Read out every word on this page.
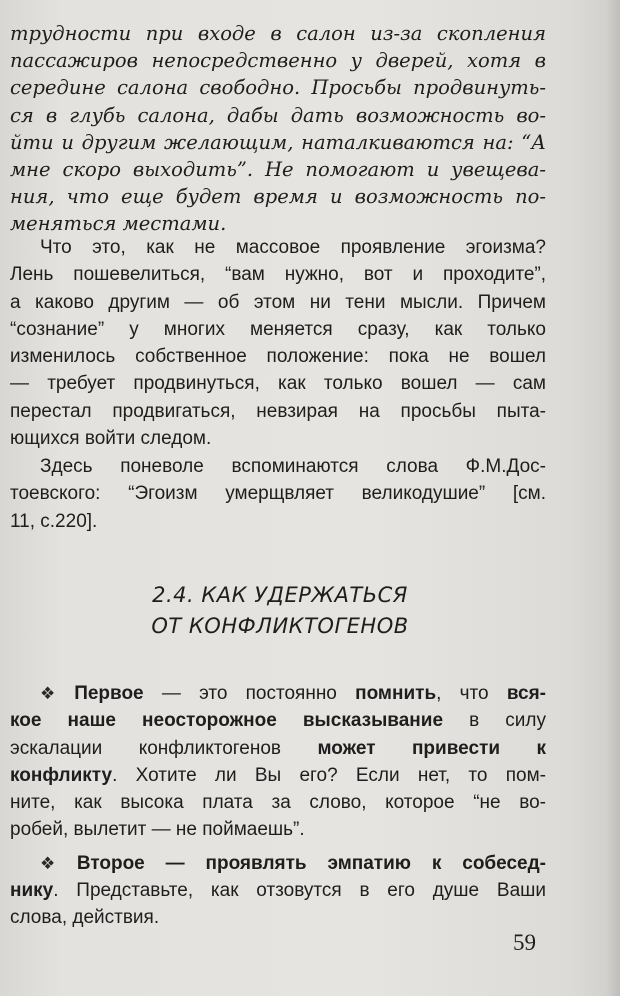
трудности при входе в салон из-за скопления
пассажиров непосредственно у дверей, хотя в
середине салона свободно. Просьбы продвинуть-
ся в глубь салона, дабы дать возможность во-
йти и другим желающим, наталкиваются на: “А
мне скоро выходить”. Не помогают и увещева-
ния, что еще будет время и возможность по-
меняться местами.
Что это, как не массовое проявление эгоизма?
Лень пошевелиться, “вам нужно, вот и проходите”,
а каково другим — об этом ни тени мысли. Причем
“сознание” у многих меняется сразу, как только
изменилось собственное положение: пока не вошел
— требует продвинуться, как только вошел — сам
перестал продвигаться, невзирая на просьбы пыта-
ющихся войти следом.
Здесь поневоле вспоминаются слова Ф.М.Дос-
тоевского: “Эгоизм умерщвляет великодушие” [см.
11, с.220].
2.4. КАК УДЕРЖАТЬСЯ
ОТ КОНФЛИКТОГЕНОВ
❖ Первое — это постоянно помнить, что вся-
кое наше неосторожное высказывание в силу
эскалации конфликтогенов может привести к
конфликту. Хотите ли Вы его? Если нет, то пом-
ните, как высока плата за слово, которое “не во-
робей, вылетит — не поймаешь”.
❖ Второе — проявлять эмпатию к собесед-
нику. Представьте, как отзовутся в его душе Ваши
слова, действия.
59
